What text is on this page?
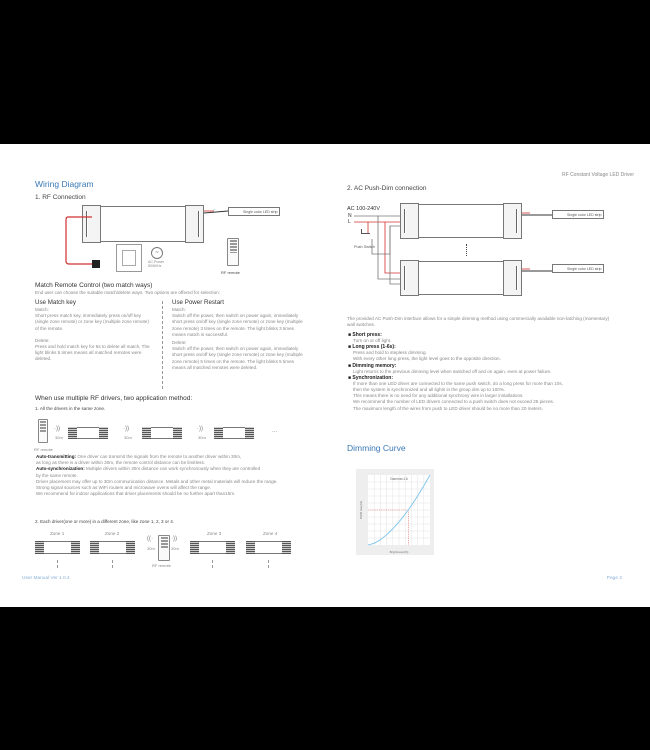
RF Constant Voltage LED Driver
Wiring Diagram
1. RF Connection
Single color LED strip
~
AC Power
50/60Hz
◜
RF remote
Match Remote Control (two match ways)
End user can choose the suitable match/delete ways. Two options are offered for selection:
Use Match key
Match:
Short press match key, immediately press on/off key (single zone remote) or zone key (multiple zone remote) of the remote.
Delete:
Press and hold match key for 5s to delete all match, The light blinks 5 times means all matched remotes were deleted.
Use Power Restart
Match:
Switch off the power, then switch on power again, immediately short press on/off key (single zone remote) or zone key (multiple zone remote) 3 times on the remote. The light blinks 3 times means match is successful.
Delete:
Switch off the power, then switch on power again, immediately short press on/off key (single zone remote) or zone key (multiple zone remote) 5 times on the remote. The light blinks 5 times means all matched remotes were deleted.
When use multiple RF drivers, two application method:
1. All the drivers in the same zone.
·))
30m
·))
30m
·))
30m
...
RF remote
Auto-transmitting: One driver can transmit the signals from the remote to another driver within 30m,
as long as there is a driver within 30m, the remote control distance can be limitless.
Auto-synchronization: Multiple drivers within 30m distance can work synchronously when they are controlled
by the same remote.
Driver placement may offer up to 30m communication distance. Metals and other metal materials will reduce the range.
Strong signal sources such as WiFi routers and microwave ovens will affect the range.
We recommend for indoor applications that driver placements should be no further apart than15m.
2. Each driver(one or more) in a different zone, like zone 1, 2, 3 or 4.
Zone 1	Zone 2
((·	·))
30m	30m
RF remote
Zone 3	Zone 4
User Manual Ver 1.0.4
2. AC Push-Dim connection
AC 100-240V
N
L
Push Switch
Single color LED strip
Single color LED strip
The provided AC Push-Dim interface allows for a simple dimming method using commercially available non-latching (momentary) wall switches.
■ Short press:
Turn on or off light.
■ Long press (1-6s):
Press and hold to stepless dimming.
With every other long press, the light level goes to the opposite direction.
■ Dimming memory:
Light returns to the previous dimming level when switched off and on again, even at power failure.
■ Synchronization:
If more than one LED driver are connected to the same push switch, do a long press for more than 10s,
then the system is synchronized and all lights in the group dim up to 100%.
This means there is no need for any additional synchrony wire in larger installations.
We recommend the number of LED drivers connected to a push switch does not exceed 25 pieces.
The maximum length of the wires from push to LED driver should be no more than 20 meters.
Dimming Curve
Gamma=1.6
Brightness(%)
PWM duty(%)
Page 2
